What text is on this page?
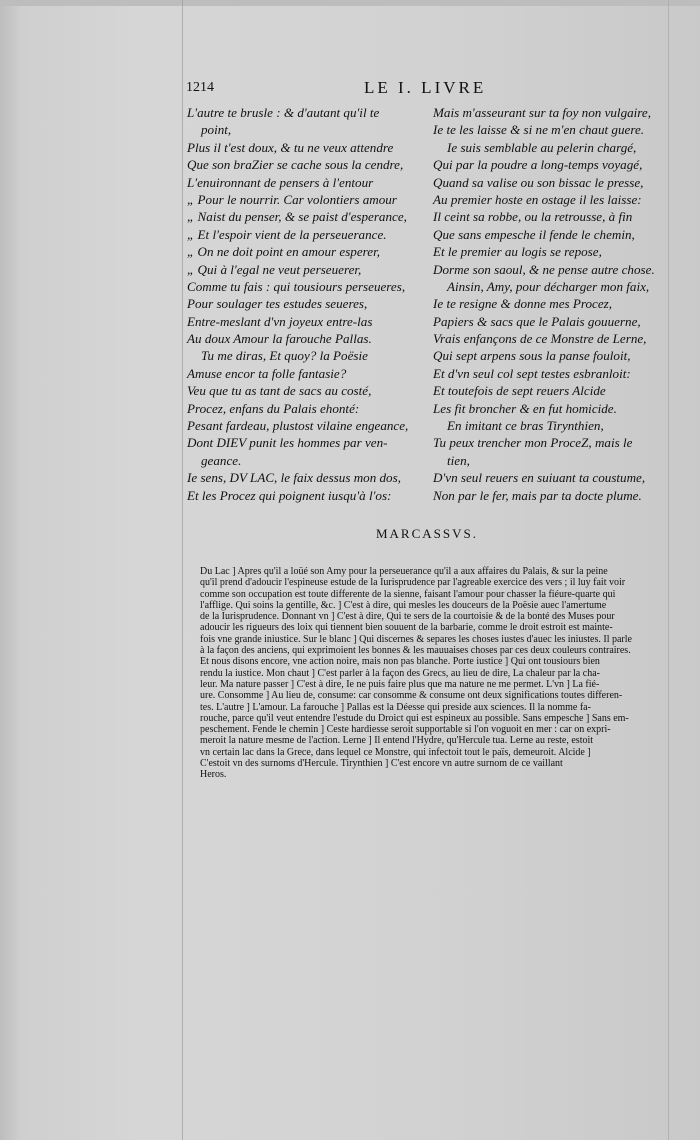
1214	LE I. LIVRE
L'autre te brusle : & d'autant qu'il te
point,
Plus il t'est doux, & tu ne veux attendre
Que son braZier se cache sous la cendre,
L'enuironnant de pensers à l'entour
„ Pour le nourrir. Car volontiers amour
„ Naist du penser, & se paist d'esperance,
„ Et l'espoir vient de la perseuerance.
„ On ne doit point en amour esperer,
„ Qui à l'egal ne veut perseuerer,
Comme tu fais : qui tousiours perseueres,
Pour soulager tes estudes seueres,
Entre-meslant d'vn joyeux entre-las
Au doux Amour la farouche Pallas.
Tu me diras, Et quoy? la Poësie
Amuse encor ta folle fantasie?
Veu que tu as tant de sacs au costé,
Procez, enfans du Palais ehonté:
Pesant fardeau, plustost vilaine engeance,
Dont DIEV punit les hommes par ven-
geance.
Ie sens, DV LAC, le faix dessus mon dos,
Et les Procez qui poignent iusqu'à l'os:
Mais m'asseurant sur ta foy non vulgaire,
Ie te les laisse & si ne m'en chaut guere.
Ie suis semblable au pelerin chargé,
Qui par la poudre a long-temps voyagé,
Quand sa valise ou son bissac le presse,
Au premier hoste en ostage il les laisse:
Il ceint sa robbe, ou la retrousse, à fin
Que sans empesche il fende le chemin,
Et le premier au logis se repose,
Dorme son saoul, & ne pense autre chose.
Ainsin, Amy, pour décharger mon faix,
Ie te resigne & donne mes Procez,
Papiers & sacs que le Palais gouuerne,
Vrais enfançons de ce Monstre de Lerne,
Qui sept arpens sous la panse fouloit,
Et d'vn seul col sept testes esbranloit:
Et toutefois de sept reuers Alcide
Les fit broncher & en fut homicide.
En imitant ce bras Tirynthien,
Tu peux trencher mon ProceZ, mais le
tien,
D'vn seul reuers en suiuant ta coustume,
Non par le fer, mais par ta docte plume.
MARCASSVS.
Du Lac ] Apres qu'il a loüé son Amy pour la perseuerance qu'il a aux affaires du Palais, & sur la peine
qu'il prend d'adoucir l'espineuse estude de la Iurisprudence par l'agreable exercice des vers ; il luy fait voir
comme son occupation est toute differente de la sienne, faisant l'amour pour chasser la fiéure-quarte qui
l'afflige. Qui soins la gentille, &c. ] C'est à dire, qui mesles les douceurs de la Poësie auec l'amertume
de la Iurisprudence. Donnant vn ] C'est à dire, Qui te sers de la courtoisie & de la bonté des Muses pour
adoucir les rigueurs des loix qui tiennent bien souuent de la barbarie, comme le droit estroit est mainte-
fois vne grande iniustice. Sur le blanc ] Qui discernes & separes les choses iustes d'auec les iniustes. Il parle
à la façon des anciens, qui exprimoient les bonnes & les mauuaises choses par ces deux couleurs contraires.
Et nous disons encore, vne action noire, mais non pas blanche. Porte iustice ] Qui ont tousiours bien
rendu la iustice. Mon chaut ] C'est parler à la façon des Grecs, au lieu de dire, La chaleur par la cha-
leur. Ma nature passer ] C'est à dire, Ie ne puis faire plus que ma nature ne me permet. L'vn ] La fié-
ure. Consomme ] Au lieu de, consume: car consomme & consume ont deux significations toutes differen-
tes. L'autre ] L'amour. La farouche ] Pallas est la Déesse qui preside aux sciences. Il la nomme fa-
rouche, parce qu'il veut entendre l'estude du Droict qui est espineux au possible. Sans empesche ] Sans em-
peschement. Fende le chemin ] Ceste hardiesse seroit supportable si l'on voguoit en mer : car on expri-
meroit la nature mesme de l'action. Lerne ] Il entend l'Hydre, qu'Hercule tua. Lerne au reste, estoit
vn certain lac dans la Grece, dans lequel ce Monstre, qui infectoit tout le païs, demeuroit. Alcide ]
C'estoit vn des surnoms d'Hercule. Tirynthien ] C'est encore vn autre surnom de ce vaillant
Heros.
